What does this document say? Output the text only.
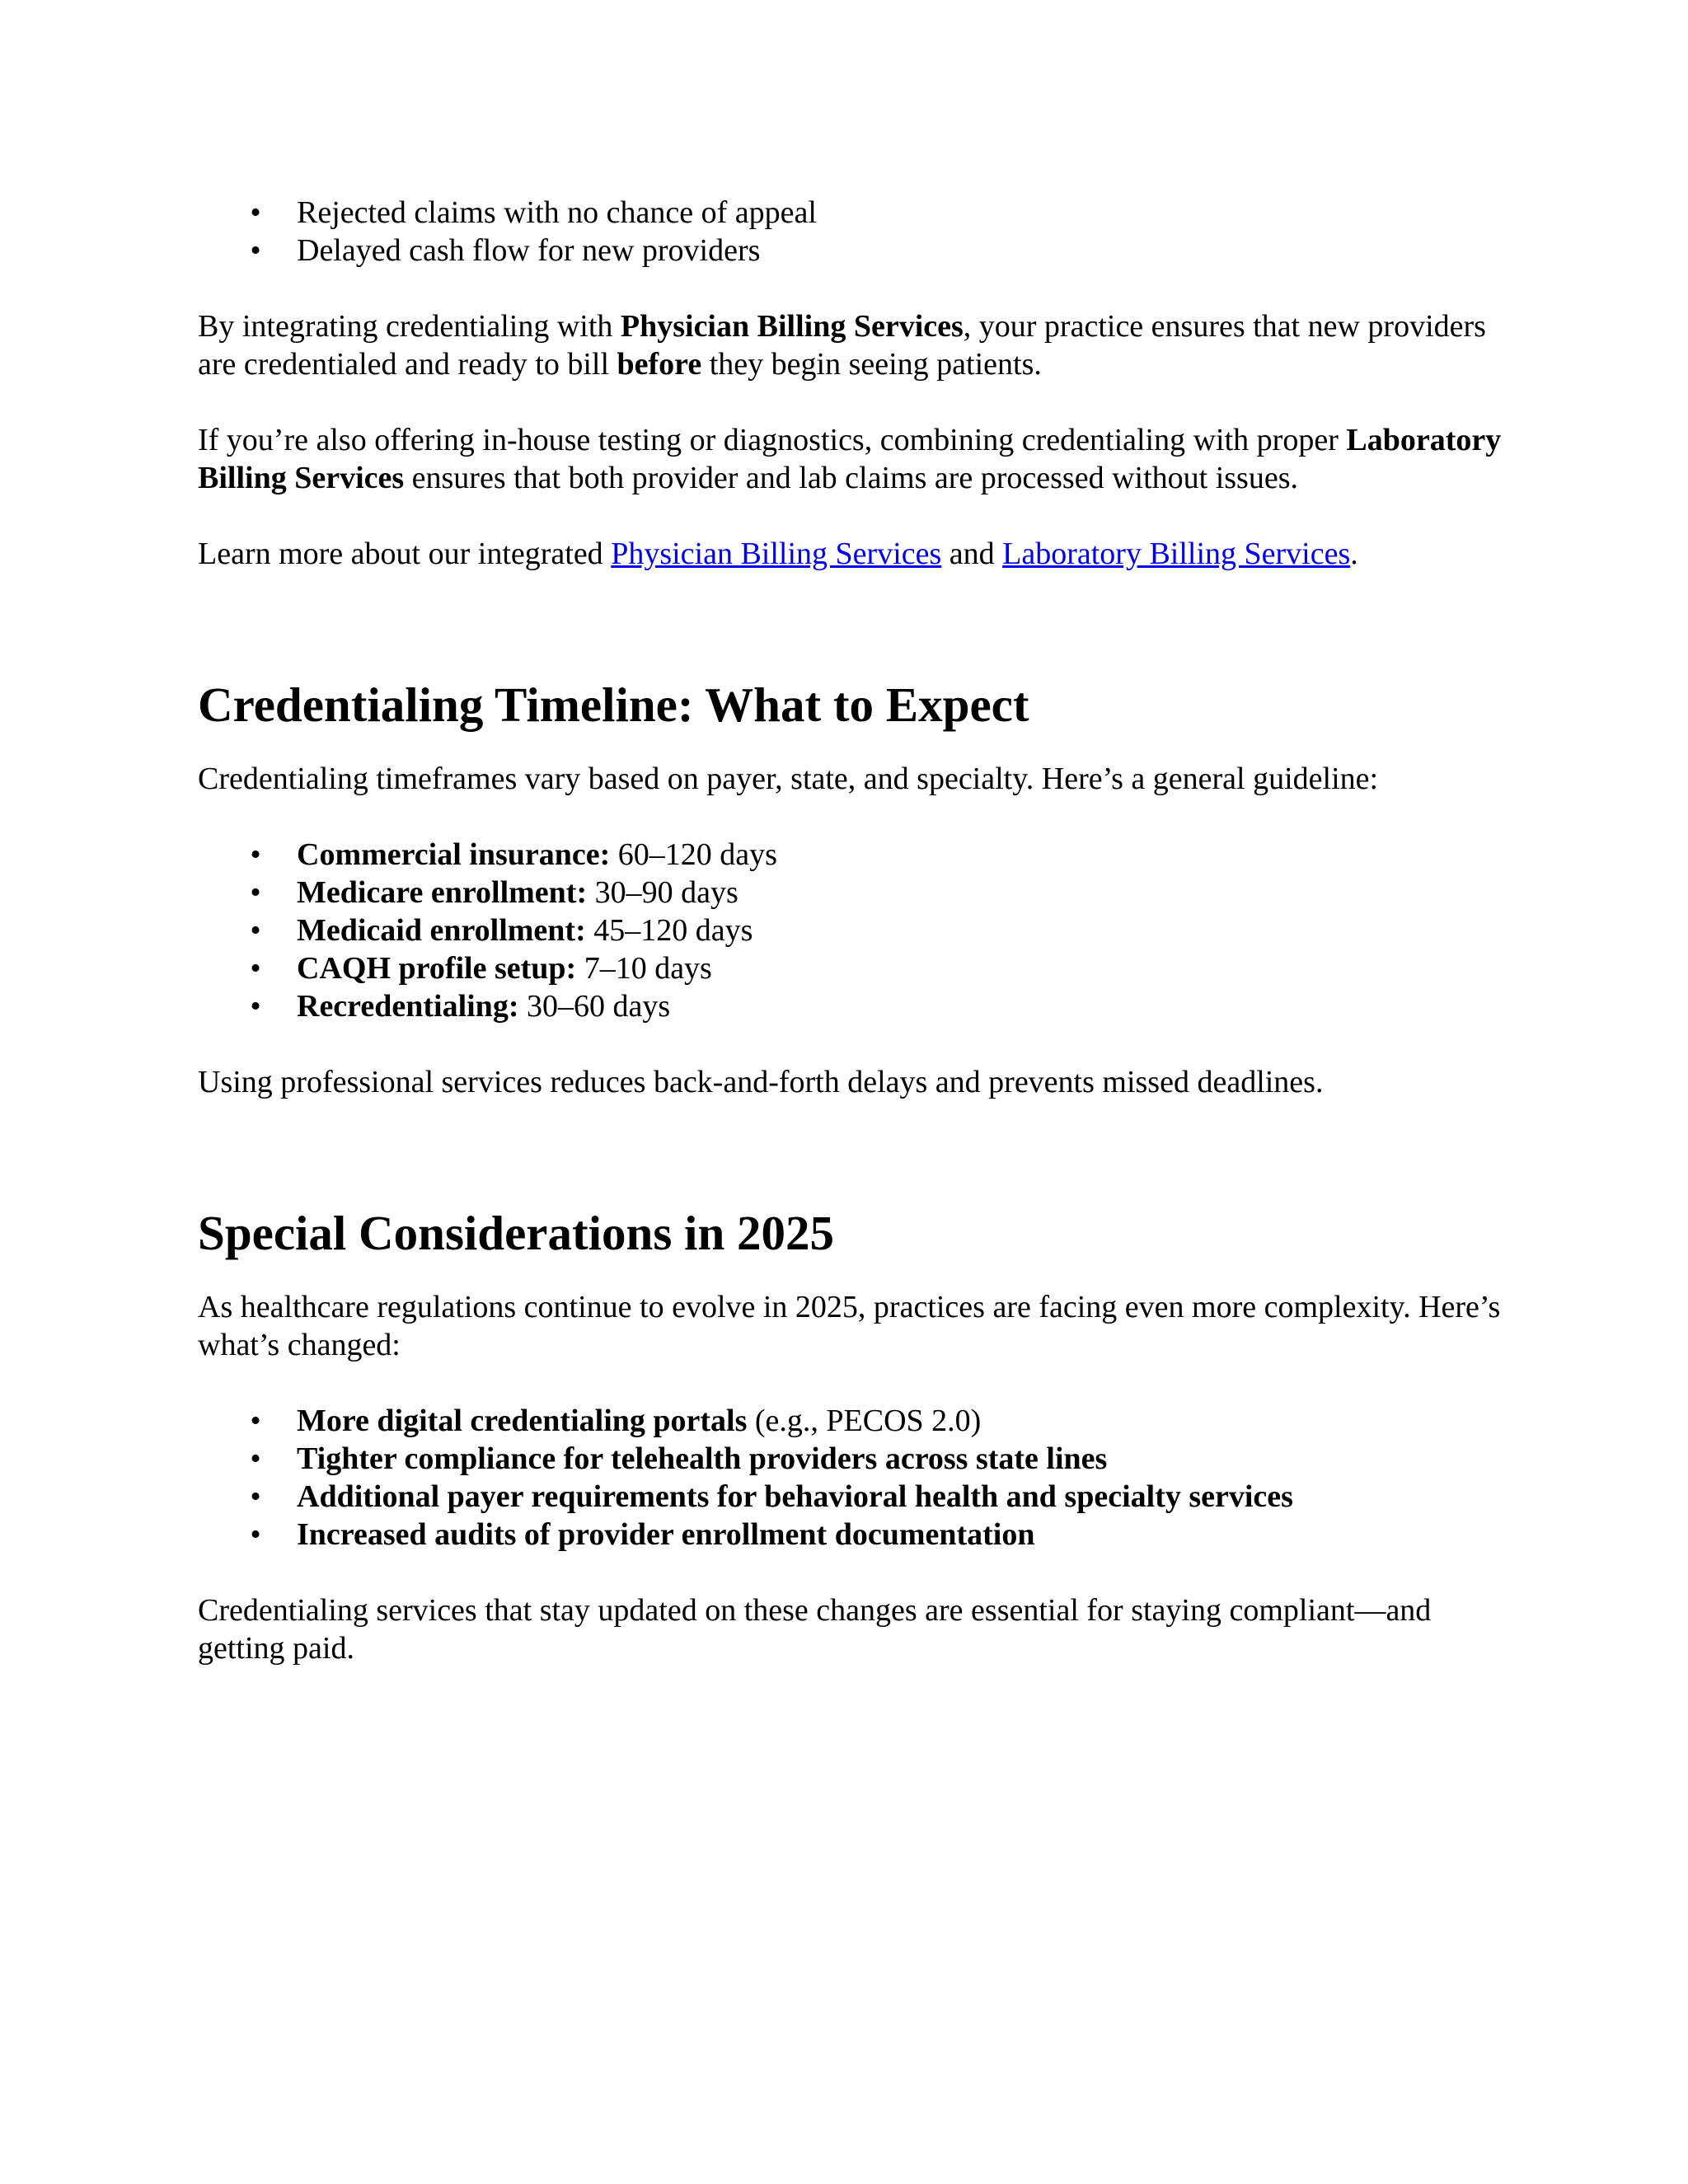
• Rejected claims with no chance of appeal
• Delayed cash flow for new providers

By integrating credentialing with Physician Billing Services, your practice ensures that new providers are credentialed and ready to bill before they begin seeing patients.

If you’re also offering in-house testing or diagnostics, combining credentialing with proper Laboratory Billing Services ensures that both provider and lab claims are processed without issues.

Learn more about our integrated Physician Billing Services and Laboratory Billing Services.

Credentialing Timeline: What to Expect

Credentialing timeframes vary based on payer, state, and specialty. Here’s a general guideline:

• Commercial insurance: 60–120 days
• Medicare enrollment: 30–90 days
• Medicaid enrollment: 45–120 days
• CAQH profile setup: 7–10 days
• Recredentialing: 30–60 days

Using professional services reduces back-and-forth delays and prevents missed deadlines.

Special Considerations in 2025

As healthcare regulations continue to evolve in 2025, practices are facing even more complexity. Here’s what’s changed:

• More digital credentialing portals (e.g., PECOS 2.0)
• Tighter compliance for telehealth providers across state lines
• Additional payer requirements for behavioral health and specialty services
• Increased audits of provider enrollment documentation

Credentialing services that stay updated on these changes are essential for staying compliant—and getting paid.
